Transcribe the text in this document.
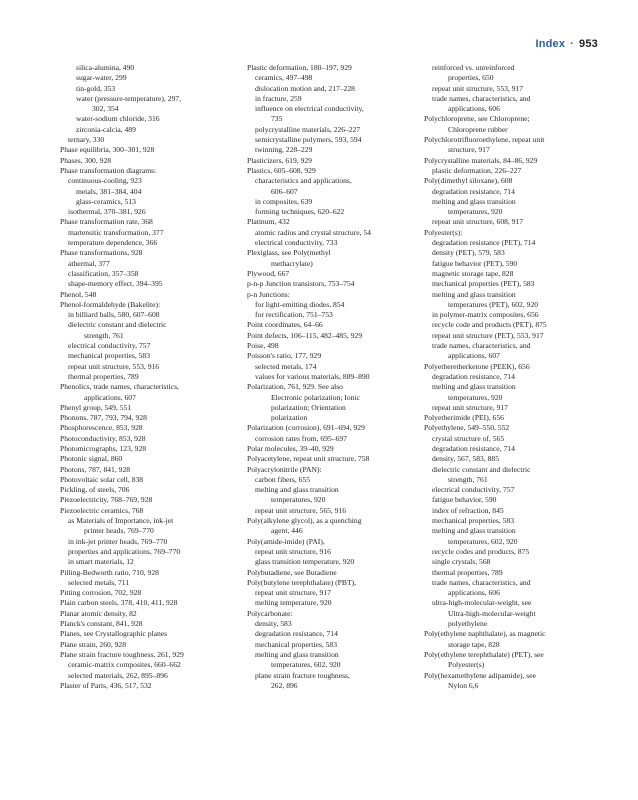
Index · 953

silica-alumina, 490

sugar-water, 299

tin-gold, 353

water (pressure-temperature), 297,

302, 354

water-sodium chloride, 316

zirconia-calcia, 489

ternary, 330

Phase equilibria, 300–301, 928

Phases, 300, 928

Phase transformation diagrams:

continuous-cooling, 923

metals, 381–384, 404

glass-ceramics, 513

isothermal, 370–381, 926

Phase transformation rate, 368

martensitic transformation, 377

temperature dependence, 366

Phase transformations, 928

athermal, 377

classification, 357–358

shape-memory effect, 394–395

Phenol, 548

Phenol-formaldehyde (Bakelite):

in billiard balls, 580, 607–608

dielectric constant and dielectric

strength, 761

electrical conductivity, 757

mechanical properties, 583

repeat unit structure, 553, 916

thermal properties, 789

Phenolics, trade names, characteristics,

applications, 607

Phenyl group, 549, 551

Phonons, 787, 793, 794, 928

Phosphorescence, 853, 928

Photoconductivity, 853, 928

Photomicrographs, 123, 928

Photonic signal, 860

Photons, 787, 841, 928

Photovoltaic solar cell, 838

Pickling, of steels, 706

Piezoelectricity, 768–769, 928

Piezoelectric ceramics, 768

as Materials of Importance, ink-jet

printer heads, 769–770

in ink-jet printer heads, 769–770

properties and applications, 769–770

in smart materials, 12

Pilling-Bedworth ratio, 710, 928

selected metals, 711

Pitting corrosion, 702, 928

Plain carbon steels, 378, 410, 411, 928

Planar atomic density, 82

Planck's constant, 841, 928

Planes, see Crystallographic planes

Plane strain, 260, 928

Plane strain fracture toughness, 261, 929

ceramic-matrix composites, 660–662

selected materials, 262, 895–896

Plaster of Paris, 436, 517, 532

Plastic deformation, 180–197, 929

ceramics, 497–498

dislocation motion and, 217–228

in fracture, 259

influence on electrical conductivity,

735

polycrystalline materials, 226–227

semicrystalline polymers, 593, 594

twinning, 228–229

Plasticizers, 619, 929

Plastics, 605–608, 929

characteristics and applications,

606–607

in composites, 639

forming techniques, 620–622

Platinum, 432

atomic radius and crystal structure, 54

electrical conductivity, 733

Plexiglass, see Poly(methyl

methacrylate)

Plywood, 667

p-n-p Junction transistors, 753–754

p-n Junctions:

for light-emitting diodes, 854

for rectification, 751–753

Point coordinates, 64–66

Point defects, 106–115, 482–485, 929

Poise, 498

Poisson's ratio, 177, 929

selected metals, 174

values for various materials, 889–890

Polarization, 761, 929. See also

Electronic polarization; Ionic

polarization; Orientation

polarization

Polarization (corrosion), 691–694, 929

corrosion rates from, 695–697

Polar molecules, 39–40, 929

Polyacetylene, repeat unit structure, 758

Polyacrylonitrile (PAN):

carbon fibers, 655

melting and glass transition

temperatures, 920

repeat unit structure, 565, 916

Poly(alkylene glycol), as a quenching

agent, 446

Poly(amide-imide) (PAI),

repeat unit structure, 916

glass transition temperature, 920

Polybutadiene, see Butadiene

Poly(butylene terephthalate) (PBT),

repeat unit structure, 917

melting temperature, 920

Polycarbonate:

density, 583

degradation resistance, 714

mechanical properties, 583

melting and glass transition

temperatures, 602, 920

plane strain fracture toughness,

262, 896

reinforced vs. unreinforced

properties, 650

repeat unit structure, 553, 917

trade names, characteristics, and

applications, 606

Polychloroprene, see Chloroprene;

Chloroprene rubber

Polychlorotrifluoroethylene, repeat unit

structure, 917

Polycrystalline materials, 84–86, 929

plastic deformation, 226–227

Poly(dimethyl siloxane), 608

degradation resistance, 714

melting and glass transition

temperatures, 920

repeat unit structure, 608, 917

Polyester(s):

degradation resistance (PET), 714

density (PET), 579, 583

fatigue behavior (PET), 590

magnetic storage tape, 828

mechanical properties (PET), 583

melting and glass transition

temperatures (PET), 602, 920

in polymer-matrix composites, 656

recycle code and products (PET), 875

repeat unit structure (PET), 553, 917

trade names, characteristics, and

applications, 607

Polyetheretherketone (PEEK), 656

degradation resistance, 714

melting and glass transition

temperatures, 920

repeat unit structure, 917

Polyetherimide (PEI), 656

Polyethylene, 549–550, 552

crystal structure of, 565

degradation resistance, 714

density, 567, 583, 885

dielectric constant and dielectric

strength, 761

electrical conductivity, 757

fatigue behavior, 590

index of refraction, 845

mechanical properties, 583

melting and glass transition

temperatures, 602, 920

recycle codes and products, 875

single crystals, 568

thermal properties, 789

trade names, characteristics, and

applications, 606

ultra-high-molecular-weight, see

Ultra-high-molecular-weight

polyethylene

Poly(ethylene naphthalate), as magnetic

storage tape, 828

Poly(ethylene terephthalate) (PET), see

Polyester(s)

Poly(hexamethylene adipamide), see

Nylon 6,6
